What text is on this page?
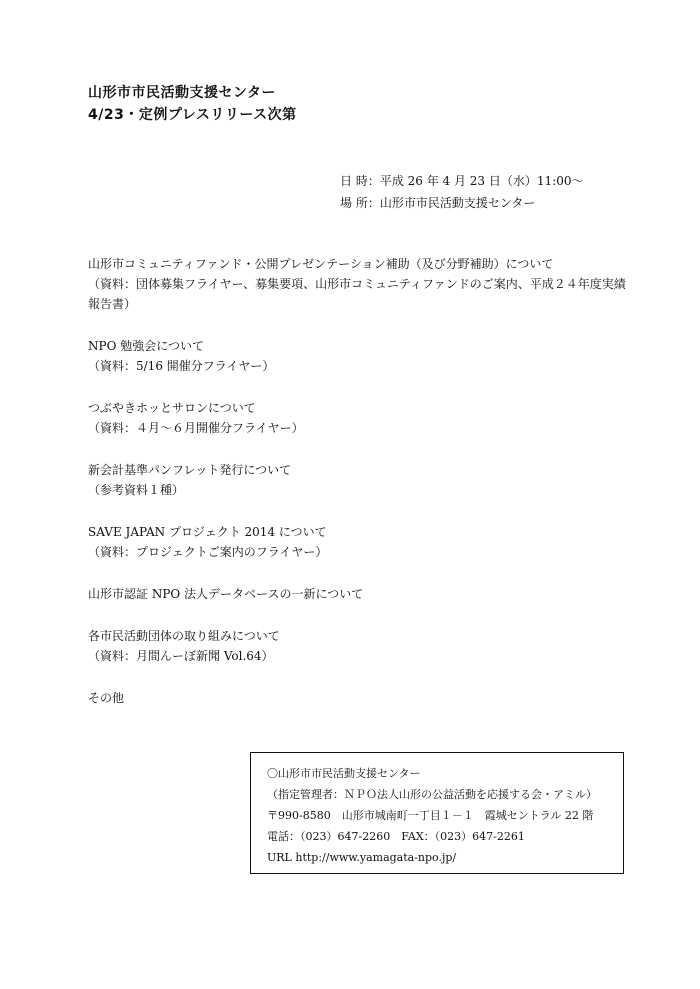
山形市市民活動支援センター
4/23・定例プレスリリース次第
日 時：平成 26 年 4 月 23 日（水）11:00～
場 所：山形市市民活動支援センター
山形市コミュニティファンド・公開プレゼンテーション補助（及び分野補助）について
（資料：団体募集フライヤー、募集要項、山形市コミュニティファンドのご案内、平成２４年度実績報告書）
NPO 勉強会について
（資料：5/16 開催分フライヤー）
つぶやきホッとサロンについて
（資料：４月～６月開催分フライヤー）
新会計基準パンフレット発行について
（参考資料１種）
SAVE JAPAN プロジェクト 2014 について
（資料：プロジェクトご案内のフライヤー）
山形市認証 NPO 法人データベースの一新について
各市民活動団体の取り組みについて
（資料：月間んーぼ新聞 Vol.64）
その他
〇山形市市民活動支援センター
（指定管理者：ＮＰＯ法人山形の公益活動を応援する会・アミル）
〒990-8580　山形市城南町一丁目１－１　霞城セントラル 22 階
電話：（023）647-2260　FAX：（023）647-2261
URL http://www.yamagata-npo.jp/
